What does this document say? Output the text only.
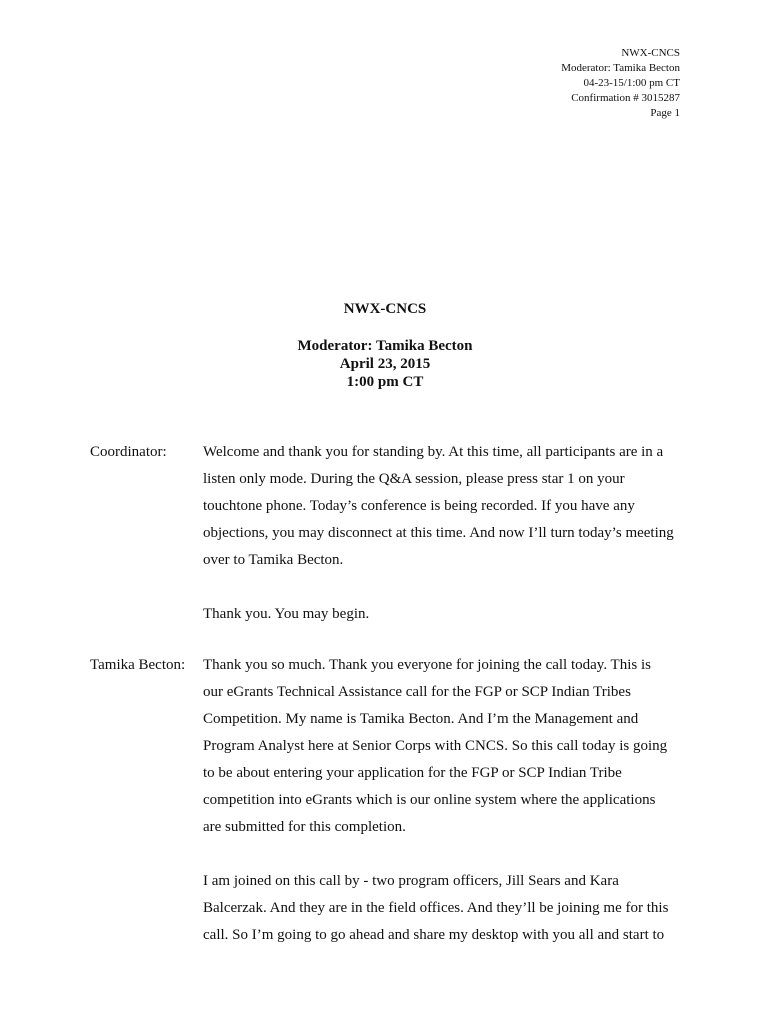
NWX-CNCS
Moderator: Tamika Becton
04-23-15/1:00 pm CT
Confirmation # 3015287
Page 1
NWX-CNCS
Moderator: Tamika Becton
April 23, 2015
1:00 pm CT
Coordinator:	Welcome and thank you for standing by. At this time, all participants are in a
listen only mode. During the Q&A session, please press star 1 on your
touchtone phone. Today’s conference is being recorded. If you have any
objections, you may disconnect at this time. And now I’ll turn today’s meeting
over to Tamika Becton.
Thank you. You may begin.
Tamika Becton:	Thank you so much. Thank you everyone for joining the call today. This is
our eGrants Technical Assistance call for the FGP or SCP Indian Tribes
Competition. My name is Tamika Becton. And I’m the Management and
Program Analyst here at Senior Corps with CNCS. So this call today is going
to be about entering your application for the FGP or SCP Indian Tribe
competition into eGrants which is our online system where the applications
are submitted for this completion.
I am joined on this call by - two program officers, Jill Sears and Kara
Balcerzak. And they are in the field offices. And they’ll be joining me for this
call. So I’m going to go ahead and share my desktop with you all and start to
